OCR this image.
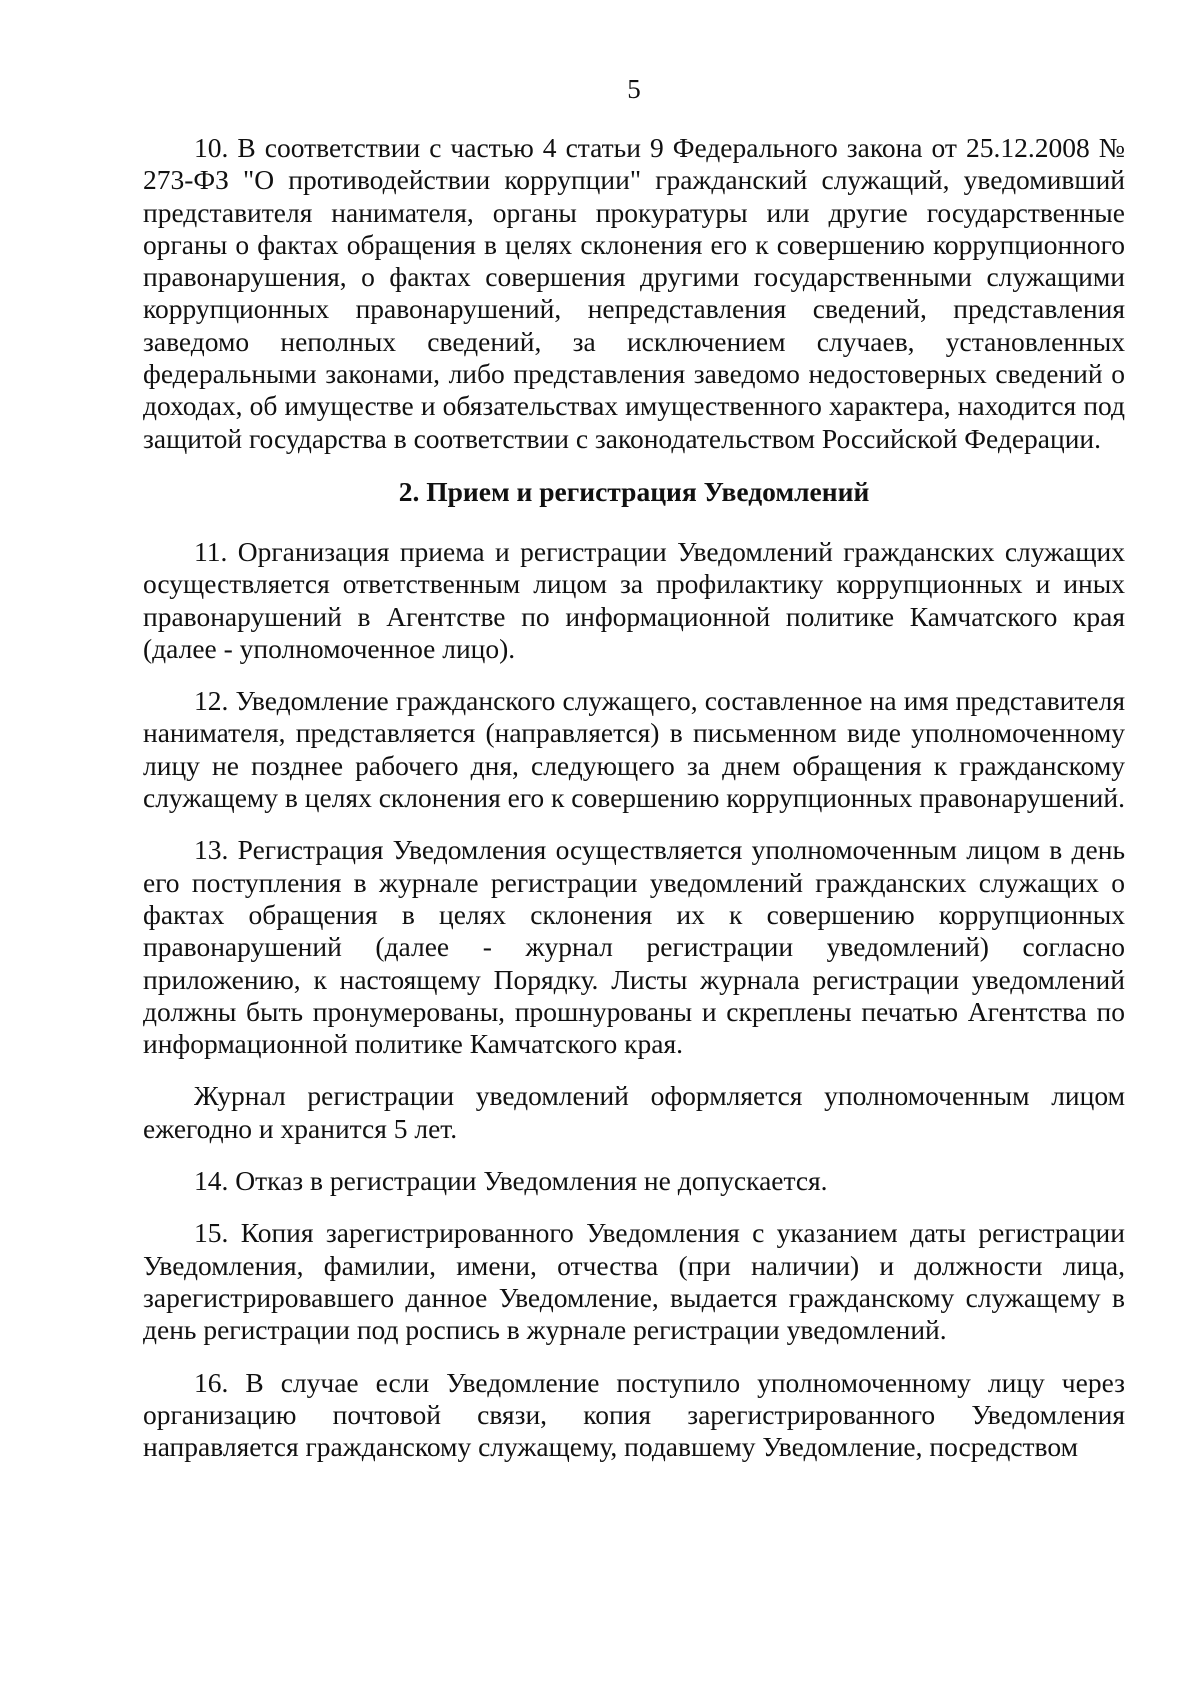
5

10. В соответствии с частью 4 статьи 9 Федерального закона от 25.12.2008 № 273-ФЗ "О противодействии коррупции" гражданский служащий, уведомивший представителя нанимателя, органы прокуратуры или другие государственные органы о фактах обращения в целях склонения его к совершению коррупционного правонарушения, о фактах совершения другими государственными служащими коррупционных правонарушений, непредставления сведений, представления заведомо неполных сведений, за исключением случаев, установленных федеральными законами, либо представления заведомо недостоверных сведений о доходах, об имуществе и обязательствах имущественного характера, находится под защитой государства в соответствии с законодательством Российской Федерации.

2. Прием и регистрация Уведомлений

11. Организация приема и регистрации Уведомлений гражданских служащих осуществляется ответственным лицом за профилактику коррупционных и иных правонарушений в Агентстве по информационной политике Камчатского края (далее - уполномоченное лицо).

12. Уведомление гражданского служащего, составленное на имя представителя нанимателя, представляется (направляется) в письменном виде уполномоченному лицу не позднее рабочего дня, следующего за днем обращения к гражданскому служащему в целях склонения его к совершению коррупционных правонарушений.

13. Регистрация Уведомления осуществляется уполномоченным лицом в день его поступления в журнале регистрации уведомлений гражданских служащих о фактах обращения в целях склонения их к совершению коррупционных правонарушений (далее - журнал регистрации уведомлений) согласно приложению, к настоящему Порядку. Листы журнала регистрации уведомлений должны быть пронумерованы, прошнурованы и скреплены печатью Агентства по информационной политике Камчатского края.

Журнал регистрации уведомлений оформляется уполномоченным лицом ежегодно и хранится 5 лет.

14. Отказ в регистрации Уведомления не допускается.

15. Копия зарегистрированного Уведомления с указанием даты регистрации Уведомления, фамилии, имени, отчества (при наличии) и должности лица, зарегистрировавшего данное Уведомление, выдается гражданскому служащему в день регистрации под роспись в журнале регистрации уведомлений.

16. В случае если Уведомление поступило уполномоченному лицу через организацию почтовой связи, копия зарегистрированного Уведомления направляется гражданскому служащему, подавшему Уведомление, посредством
